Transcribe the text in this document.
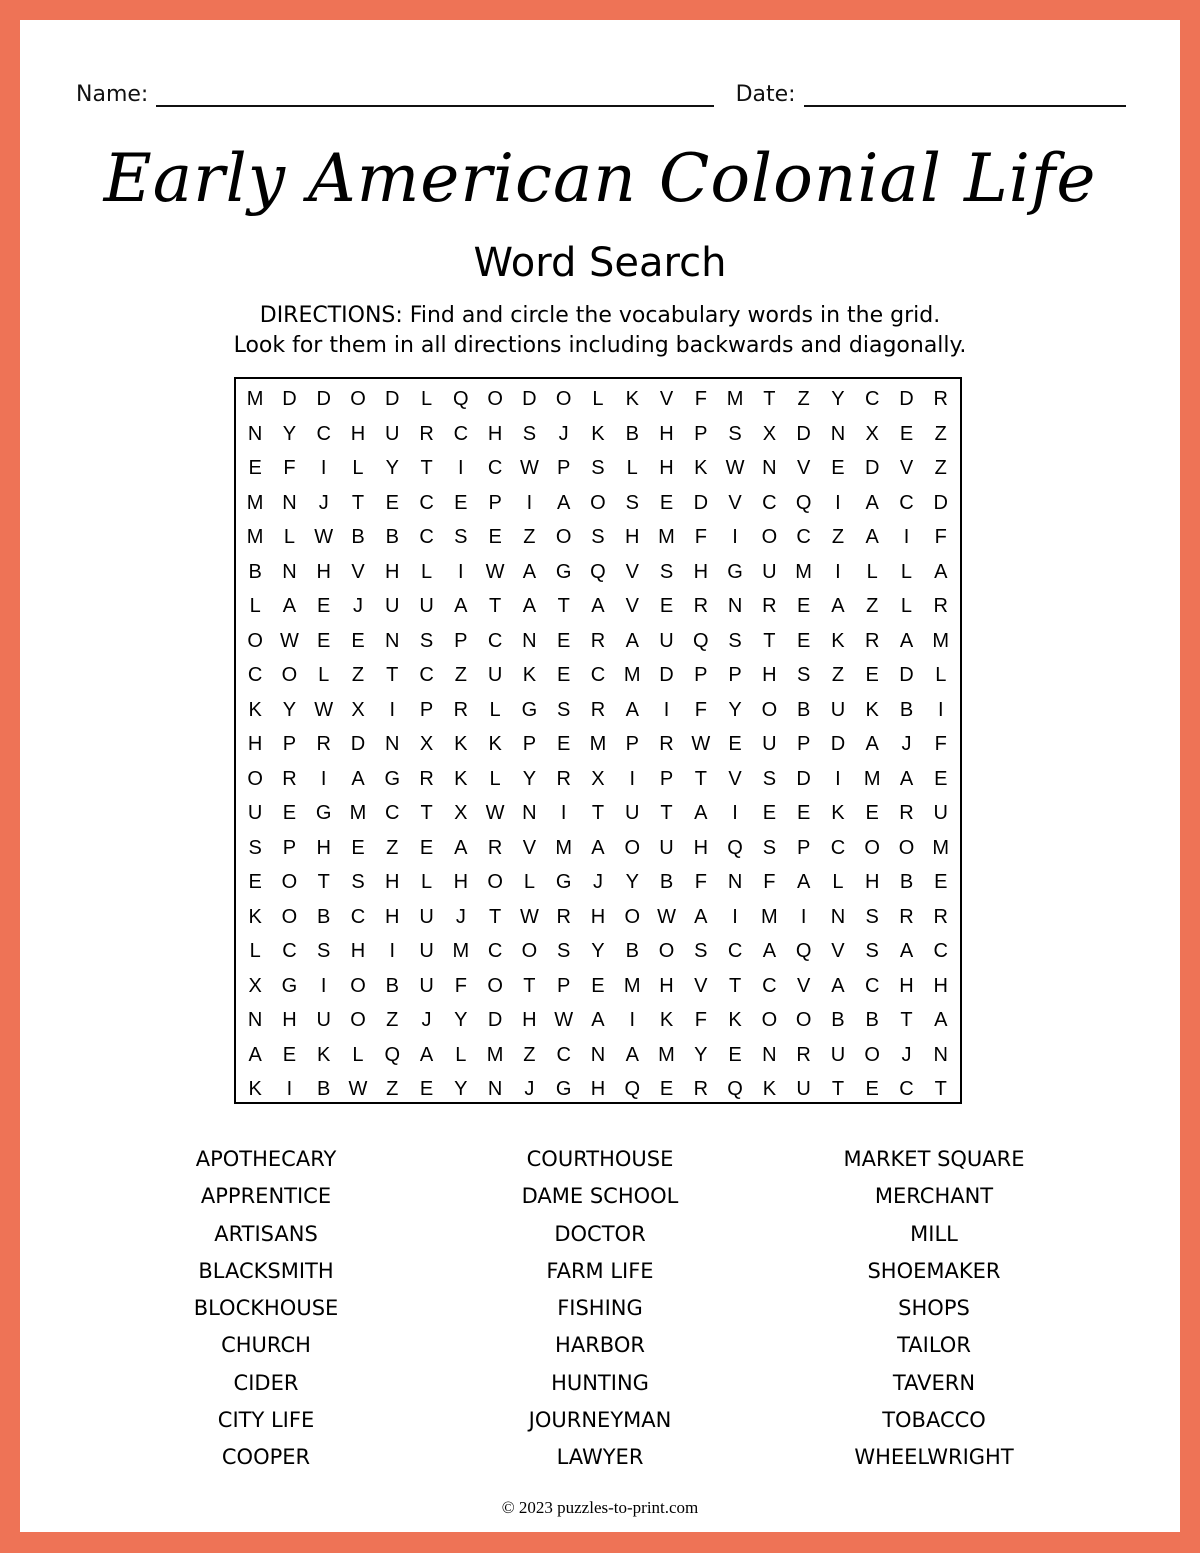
Name:	Date:
Early American Colonial Life
Word Search
DIRECTIONS: Find and circle the vocabulary words in the grid.
Look for them in all directions including backwards and diagonally.
M D D O D	L	Q O D O	L	K	V	F M T	Z	Y	C D R
N	Y	C H U R C H	S	J	K	B	H	P	S	X	D N	X	E	Z
E	F	I	L	Y	T	I	C W P	S	L	H	K W N	V	E	D	V	Z
M N	J	T	E	C	E	P	I	A O S	E	D	V	C Q	I	A	C D
M	L W B	B	C	S	E	Z	O S	H M F	I	O C	Z	A	I	F
B	N H	V	H	L	I	W A G Q V	S	H G U M	I	L	L	A
L	A	E	J	U U	A	T	A	T	A	V	E	R N R	E	A	Z	L	R
O W E	E	N	S	P	C N	E	R	A	U Q S	T	E	K	R	A M
C O	L	Z	T	C	Z	U	K	E	C M D	P	P	H	S	Z	E	D	L
K	Y W X	I	P	R	L	G S	R	A	I	F	Y O B	U	K	B	I
H	P	R D N	X	K	K	P	E M P	R W E	U	P	D	A	J	F
O R	I	A G R	K	L	Y	R	X	I	P	T	V	S	D	I	M A	E
U	E G M C	T	X W N	I	T	U	T	A	I	E	E	K	E	R U
S	P	H	E	Z	E	A	R	V M A O U H Q S	P	C O O M
E O	T	S	H	L	H O	L	G	J	Y	B	F	N	F	A	L	H	B	E
K O B	C H U	J	T W R H O W A	I	M	I	N	S	R R
L	C	S	H	I	U M C O S	Y	B O S	C	A Q V	S	A	C
X G	I	O B	U	F	O	T	P	E M H	V	T	C	V	A	C H H
N H U O	Z	J	Y	D H W A	I	K	F	K O O B	B	T	A
A	E	K	L	Q A	L	M Z	C N	A M Y	E	N R U O	J	N
K	I	B W Z	E	Y	N	J	G H Q E	R Q K	U	T	E	C	T
APOTHECARY
APPRENTICE
ARTISANS
BLACKSMITH
BLOCKHOUSE
CHURCH
CIDER
CITY LIFE
COOPER
COURTHOUSE
DAME SCHOOL
DOCTOR
FARM LIFE
FISHING
HARBOR
HUNTING
JOURNEYMAN
LAWYER
MARKET SQUARE
MERCHANT
MILL
SHOEMAKER
SHOPS
TAILOR
TAVERN
TOBACCO
WHEELWRIGHT
© 2023 puzzles-to-print.com
